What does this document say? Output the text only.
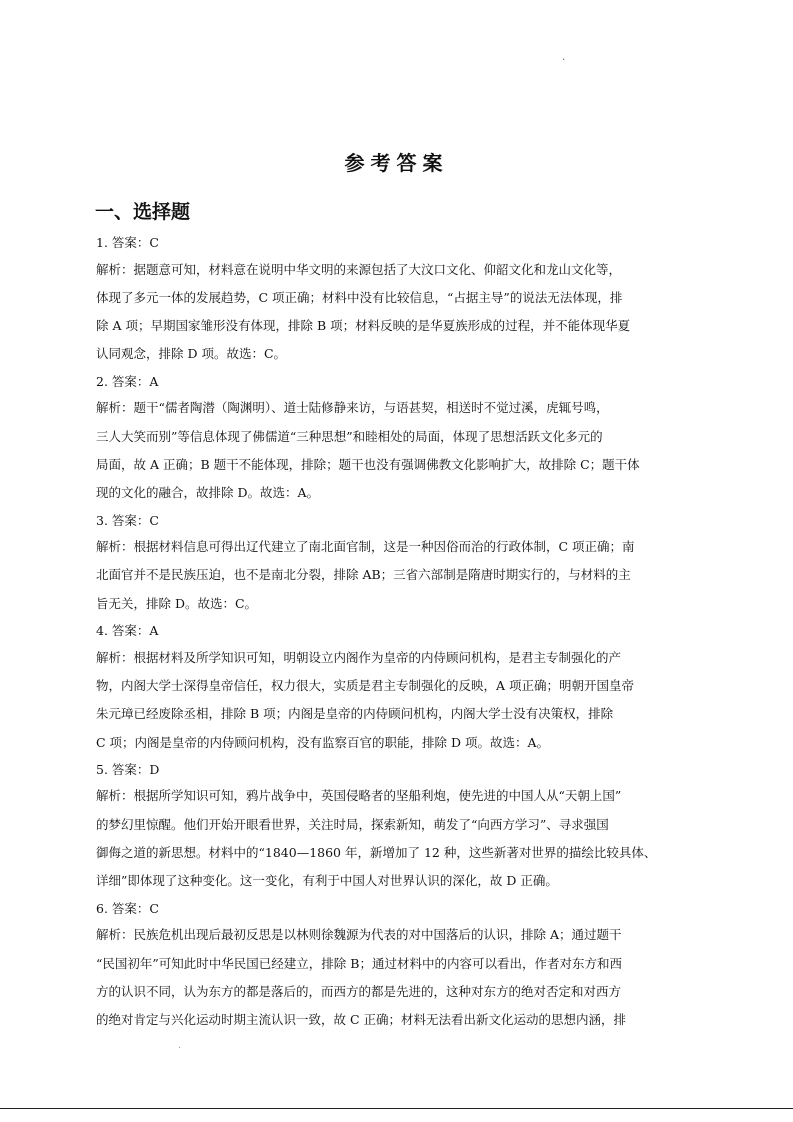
.
参考答案
一、选择题
1. 答案：C
解析：据题意可知，材料意在说明中华文明的来源包括了大汶口文化、仰韶文化和龙山文化等，
体现了多元一体的发展趋势，C 项正确；材料中没有比较信息，“占据主导”的说法无法体现，排
除 A 项；早期国家雏形没有体现，排除 B 项；材料反映的是华夏族形成的过程，并不能体现华夏
认同观念，排除 D 项。故选：C。
2. 答案：A
解析：题干“儒者陶潜（陶渊明）、道士陆修静来访，与语甚契，相送时不觉过溪，虎辄号鸣，
三人大笑而别”等信息体现了佛儒道“三种思想”和睦相处的局面，体现了思想活跃文化多元的
局面，故 A 正确；B 题干不能体现，排除；题干也没有强调佛教文化影响扩大，故排除 C；题干体
现的文化的融合，故排除 D。故选：A。
3. 答案：C
解析：根据材料信息可得出辽代建立了南北面官制，这是一种因俗而治的行政体制，C 项正确；南
北面官并不是民族压迫，也不是南北分裂，排除 AB；三省六部制是隋唐时期实行的，与材料的主
旨无关，排除 D。故选：C。
4. 答案：A
解析：根据材料及所学知识可知，明朝设立内阁作为皇帝的内侍顾问机构，是君主专制强化的产
物，内阁大学士深得皇帝信任，权力很大，实质是君主专制强化的反映，A 项正确；明朝开国皇帝
朱元璋已经废除丞相，排除 B 项；内阁是皇帝的内侍顾问机构，内阁大学士没有决策权，排除
C 项；内阁是皇帝的内侍顾问机构，没有监察百官的职能，排除 D 项。故选：A。
5. 答案：D
解析：根据所学知识可知，鸦片战争中，英国侵略者的坚船利炮，使先进的中国人从“天朝上国”
的梦幻里惊醒。他们开始开眼看世界，关注时局，探索新知，萌发了“向西方学习”、寻求强国
御侮之道的新思想。材料中的“1840—1860 年，新增加了 12 种，这些新著对世界的描绘比较具体、
详细”即体现了这种变化。这一变化，有利于中国人对世界认识的深化，故 D 正确。
6. 答案：C
解析：民族危机出现后最初反思是以林则徐魏源为代表的对中国落后的认识，排除 A；通过题干
“民国初年”可知此时中华民国已经建立，排除 B；通过材料中的内容可以看出，作者对东方和西
方的认识不同，认为东方的都是落后的，而西方的都是先进的，这种对东方的绝对否定和对西方
的绝对肯定与兴化运动时期主流认识一致，故 C 正确；材料无法看出新文化运动的思想内涵，排
.
